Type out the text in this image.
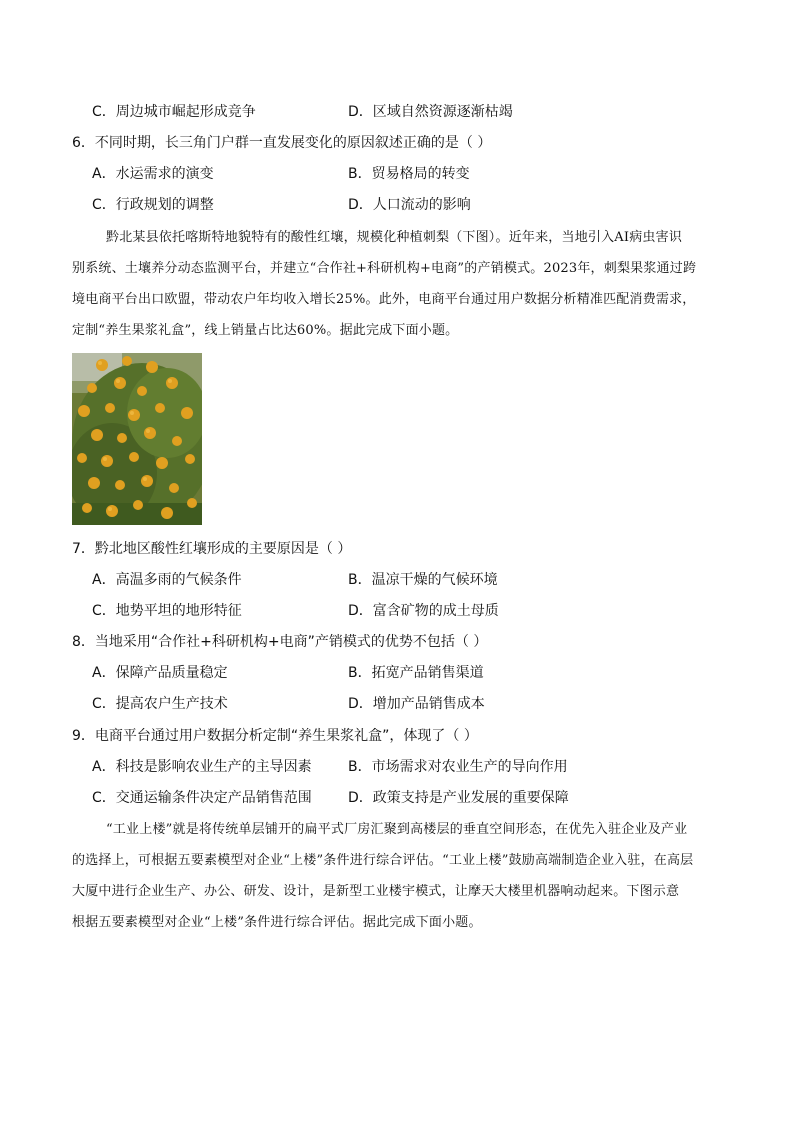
C．周边城市崛起形成竞争	D．区域自然资源逐渐枯竭
6．不同时期，长三角门户群一直发展变化的原因叙述正确的是（ ）
A．水运需求的演变	B．贸易格局的转变
C．行政规划的调整	D．人口流动的影响
黔北某县依托喀斯特地貌特有的酸性红壤，规模化种植刺梨（下图）。近年来，当地引入AI病虫害识
别系统、土壤养分动态监测平台，并建立“合作社+科研机构+电商”的产销模式。2023年，刺梨果浆通过跨
境电商平台出口欧盟，带动农户年均收入增长25%。此外，电商平台通过用户数据分析精准匹配消费需求，
定制“养生果浆礼盒”，线上销量占比达60%。据此完成下面小题。
7．黔北地区酸性红壤形成的主要原因是（ ）
A．高温多雨的气候条件	B．温凉干燥的气候环境
C．地势平坦的地形特征	D．富含矿物的成土母质
8．当地采用“合作社+科研机构+电商”产销模式的优势不包括（ ）
A．保障产品质量稳定	B．拓宽产品销售渠道
C．提高农户生产技术	D．增加产品销售成本
9．电商平台通过用户数据分析定制“养生果浆礼盒”，体现了（ ）
A．科技是影响农业生产的主导因素	B．市场需求对农业生产的导向作用
C．交通运输条件决定产品销售范围	D．政策支持是产业发展的重要保障
“工业上楼”就是将传统单层铺开的扁平式厂房汇聚到高楼层的垂直空间形态，在优先入驻企业及产业
的选择上，可根据五要素模型对企业“上楼”条件进行综合评估。“工业上楼”鼓励高端制造企业入驻，在高层
大厦中进行企业生产、办公、研发、设计，是新型工业楼宇模式，让摩天大楼里机器响动起来。下图示意
根据五要素模型对企业“上楼”条件进行综合评估。据此完成下面小题。
